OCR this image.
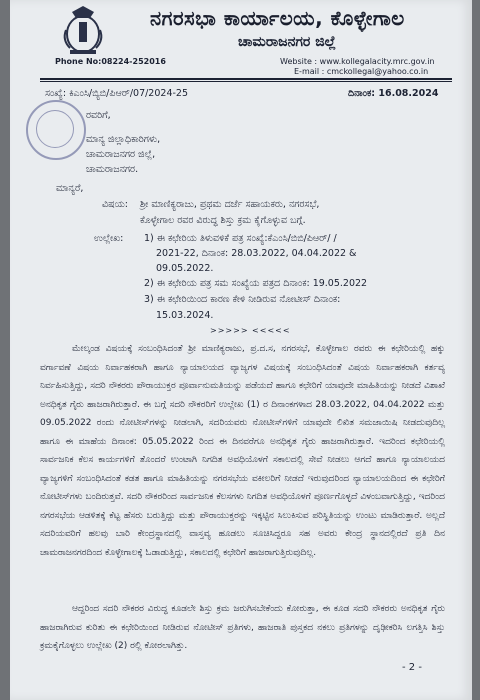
ನಗರಸಭಾ ಕಾರ್ಯಾಲಯ, ಕೊಳ್ಳೇಗಾಲ
ಚಾಮರಾಜನಗರ ಜಿಲ್ಲೆ
Phone No:08224-252016	Website : www.kollegalacity.mrc.gov.in
E-mail : cmckollegal@yahoo.co.in
ಸಂಖ್ಯೆ: ಕಿಎಂಸಿ/ಬ್ಯಿಬಿ/ಪಿಆರ್/07/2024-25	ದಿನಾಂಕ: 16.08.2024
ರವರಿಗೆ,
ಮಾನ್ಯ ಜಿಲ್ಲಾಧಿಕಾರಿಗಳು,
ಚಾಮರಾಜನಗರ ಜಿಲ್ಲೆ,
ಚಾಮರಾಜನಗರ.
ಮಾನ್ಯರೆ,
ವಿಷಯ: ಶ್ರೀ ಮಾಣಿಕ್ಯರಾಜು, ಪ್ರಥಮ ದರ್ಜೆ ಸಹಾಯಕರು, ನಗರಸಭೆ,
ಕೊಳ್ಳೇಗಾಲ ರವರ ವಿರುದ್ಧ ಶಿಸ್ತು ಕ್ರಮ ಕೈಗೊಳ್ಳುವ ಬಗ್ಗೆ.
ಉಲ್ಲೇಖ: 1) ಈ ಕಛೇರಿಯ ತಿಳುವಳಿಕೆ ಪತ್ರ ಸಂಖ್ಯೆ:ಕೆಎಂಸಿ/ಬಿಬಿ/ಪಿಆರ್/ /
2021-22, ದಿನಾಂಕ: 28.03.2022, 04.04.2022 &
09.05.2022.
2) ಈ ಕಛೇರಿಯ ಪತ್ರ ಸಮ ಸಂಖ್ಯೆಯ ಪತ್ರದ ದಿನಾಂಕ: 19.05.2022
3) ಈ ಕಛೇರಿಯಿಂದ ಕಾರಣ ಕೇಳಿ ನೀಡಿರುವ ನೋಟೀಸ್ ದಿನಾಂಕ:
15.03.2024.
>>>>> <<<<<

ಮೇಲ್ಕಂಡ ವಿಷಯಕ್ಕೆ ಸಂಬಂಧಿಸಿದಂತೆ ಶ್ರೀ ಮಾಣಿಕ್ಯರಾಜು, ಪ್ರ.ದ.ಸ, ನಗರಸಭೆ, ಕೊಳ್ಳೇಗಾಲ ರವರು ಈ ಕಛೇರಿಯಲ್ಲಿ ಹಕ್ಕು ವರ್ಗಾವಣೆ ವಿಷಯ ನಿರ್ವಾಹಕರಾಗಿ ಹಾಗೂ ನ್ಯಾಯಾಲಯದ ವ್ಯಾಜ್ಯಗಳ ವಿಷಯಕ್ಕೆ ಸಂಬಂಧಿಸಿದಂತೆ ವಿಷಯ ನಿರ್ವಾಹಕರಾಗಿ ಕರ್ತವ್ಯ ನಿರ್ವಹಿಸುತ್ತಿದ್ದು, ಸದರಿ ನೌಕರರು ಪೌರಾಯುಕ್ತರ ಪೂರ್ವಾನುಮತಿಯನ್ನು ಪಡೆಯದೆ ಹಾಗೂ ಕಛೇರಿಗೆ ಯಾವುದೇ ಮಾಹಿತಿಯನ್ನು ನೀಡದೆ ವಿಶಾಖೆ ಅನಧಿಕೃತ ಗೈರು ಹಾಜರಾಗಿರುತ್ತಾರೆ. ಈ ಬಗ್ಗೆ ಸದರಿ ನೌಕರರಿಗೆ ಉಲ್ಲೇಖ (1) ರ ದಿನಾಂಕಗಳಾದ 28.03.2022, 04.04.2022 ಮತ್ತು 09.05.2022 ರಂದು ನೋಟೀಸ್‌ಗಳನ್ನು ನೀಡಲಾಗಿ, ಸದರಿಯವರು ನೋಟೀಸ್‌ಗಳಿಗೆ ಯಾವುದೇ ಲಿಖಿತ ಸಮಜಾಯಿಷಿ ನೀಡದುವುದಿಲ್ಲ ಹಾಗೂ ಈ ಮಾಹೆಯ ದಿನಾಂಕ: 05.05.2022 ರಿಂದ ಈ ದಿನವರೆಗೂ ಅನಧಿಕೃತ ಗೈರು ಹಾಜರಾಗಿರುತ್ತಾರೆ. ಇದರಿಂದ ಕಛೇರಿಯಲ್ಲಿ ಸಾರ್ವಜನಿಕ ಕೆಲಸ ಕಾರ್ಯಗಳಿಗೆ ತೊಂದರೆ ಉಂಟಾಗಿ ನಿಗದಿತ ಅವಧಿಯೊಳಗೆ ಸಕಾಲದಲ್ಲಿ ಸೇವೆ ನೀಡಲು ಆಗದೆ ಹಾಗೂ ನ್ಯಾಯಾಲಯದ ವ್ಯಾಜ್ಯಗಳಿಗೆ ಸಂಬಂಧಿಸಿದಂತೆ ಕಡತ ಹಾಗೂ ಮಾಹಿತಿಯನ್ನು ನಗರಸಭೆಯ ವಕೀಲರಿಗೆ ನೀಡದೆ ಇರುವುದರಿಂದ ನ್ಯಾಯಾಲಯದಿಂದ ಈ ಕಛೇರಿಗೆ ನೋಟೀಸ್‌ಗಳು ಬಂದಿರುತ್ತವೆ. ಸದರಿ ನೌಕರರಿಂದ ಸಾರ್ವಜನಿಕ ಕೆಲಸಗಳು ನಿಗದಿತ ಅವಧಿಯೊಳಗೆ ಪೂರ್ಣಗೊಳ್ಳದೆ ವಿಳಂಬವಾಗುತ್ತಿದ್ದು, ಇದರಿಂದ ನಗರಸಭೆಯ ಆಡಳಿತಕ್ಕೆ ಕೆಟ್ಟ ಹೆಸರು ಬರುತ್ತಿದ್ದು ಮತ್ತು ಪೌರಾಯುಕ್ತರನ್ನು ಇಕ್ಕಟ್ಟಿನ ಸಿಲುಕಿಸುವ ಪರಿಸ್ಥಿತಿಯನ್ನು ಉಂಟು ಮಾಡಿರುತ್ತಾರೆ. ಅಲ್ಲದೆ ಸದರಿಯವರಿಗೆ ಹಲವು ಬಾರಿ ಕೇಂದ್ರಸ್ಥಾನದಲ್ಲಿ ವಾಸ್ತವ್ಯ ಹೂಡಲು ಸೂಚಿಸಿದ್ದರೂ ಸಹ ಅವರು ಕೇಂದ್ರ ಸ್ಥಾನದಲ್ಲಿರದೆ ಪ್ರತಿ ದಿನ ಚಾಮರಾಜನಗರದಿಂದ ಕೊಳ್ಳೇಗಾಲಕ್ಕೆ ಓಡಾಡುತ್ತಿದ್ದು, ಸಕಾಲದಲ್ಲಿ ಕಛೇರಿಗೆ ಹಾಜರಾಗುತ್ತಿರುವುದಿಲ್ಲ.

ಆದ್ದರಿಂದ ಸದರಿ ನೌಕರರ ವಿರುದ್ಧ ಕೂಡಲೇ ಶಿಸ್ತು ಕ್ರಮ ಜರುಗಿಸಬೇಕೆಂದು ಕೋರುತ್ತಾ, ಈ ಕೂಡ ಸದರಿ ನೌಕರರು ಅನಧಿಕೃತ ಗೈರು ಹಾಜರಾಗಿರುವ ಕುರಿತು ಈ ಕಛೇರಿಯಿಂದ ನೀಡಿರುವ ನೋಟೀಸ್ ಪ್ರತಿಗಳು, ಹಾಜರಾತಿ ಪುಸ್ತಕದ ನಕಲು ಪ್ರತಿಗಳನ್ನು ದೃಢೀಕರಿಸಿ ಲಗತ್ತಿಸಿ ಶಿಸ್ತು ಕ್ರಮಕೈಗೊಳ್ಳಲು ಉಲ್ಲೇಖ (2) ರಲ್ಲಿ ಕೋರಲಾಗಿತ್ತು.

- 2 -
